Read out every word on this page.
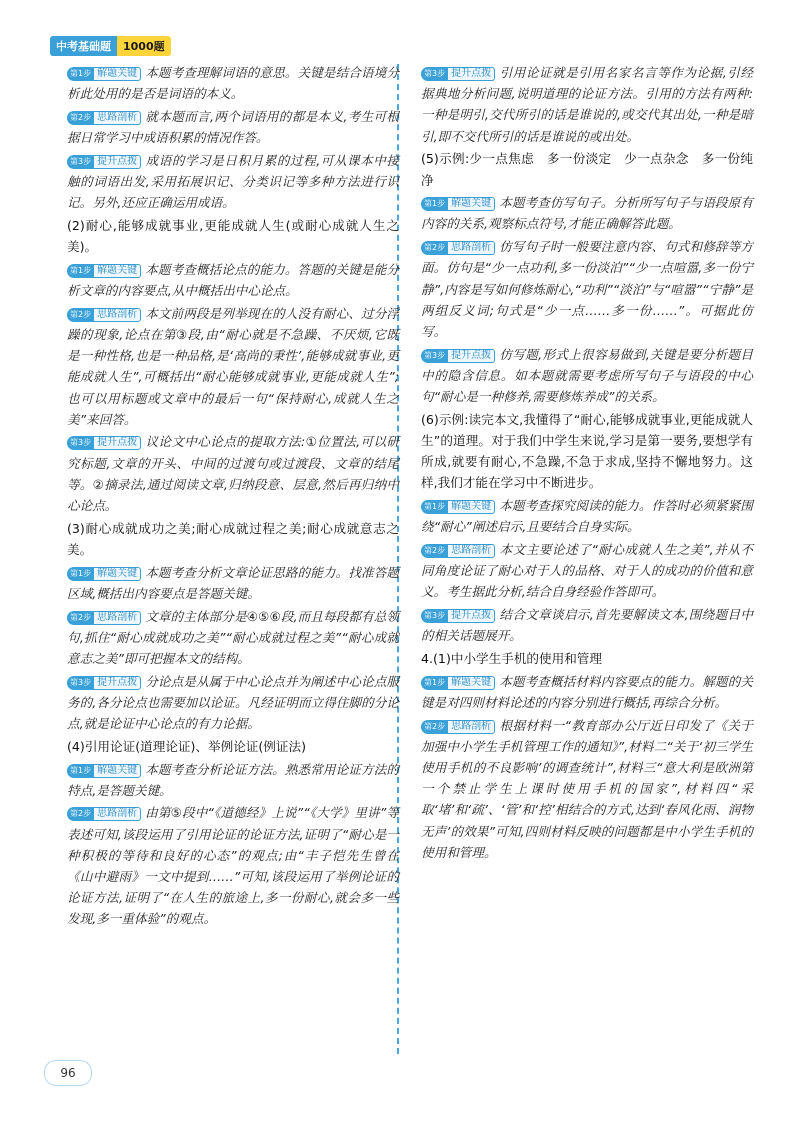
中考基础题	1000题

第1步 解题关键 本题考查理解词语的意思。关键是结合语境分析此处用的是否是词语的本义。

第2步 思路剖析 就本题而言,两个词语用的都是本义,考生可根据日常学习中成语积累的情况作答。

第3步 提升点拨 成语的学习是日积月累的过程,可从课本中接触的词语出发,采用拓展识记、分类识记等多种方法进行识记。另外,还应正确运用成语。

(2)耐心,能够成就事业,更能成就人生(或耐心成就人生之美)。

第1步 解题关键 本题考查概括论点的能力。答题的关键是能分析文章的内容要点,从中概括出中心论点。

第2步 思路剖析 本文前两段是列举现在的人没有耐心、过分浮躁的现象,论点在第③段,由“耐心就是不急躁、不厌烦,它既是一种性格,也是一种品格,是‘高尚的秉性’,能够成就事业,更能成就人生”,可概括出“耐心能够成就事业,更能成就人生”;也可以用标题或文章中的最后一句“保持耐心,成就人生之美”来回答。

第3步 提升点拨 议论文中心论点的提取方法:①位置法,可以研究标题,文章的开头、中间的过渡句或过渡段、文章的结尾等。②摘录法,通过阅读文章,归纳段意、层意,然后再归纳中心论点。

(3)耐心成就成功之美;耐心成就过程之美;耐心成就意志之美。

第1步 解题关键 本题考查分析文章论证思路的能力。找准答题区域,概括出内容要点是答题关键。

第2步 思路剖析 文章的主体部分是④⑤⑥段,而且每段都有总领句,抓住“耐心成就成功之美”“耐心成就过程之美”“耐心成就意志之美”即可把握本文的结构。

第3步 提升点拨 分论点是从属于中心论点并为阐述中心论点服务的,各分论点也需要加以论证。凡经证明而立得住脚的分论点,就是论证中心论点的有力论据。

(4)引用论证(道理论证)、举例论证(例证法)

第1步 解题关键 本题考查分析论证方法。熟悉常用论证方法的特点,是答题关键。

第2步 思路剖析 由第⑤段中“《道德经》上说”“《大学》里讲”等表述可知,该段运用了引用论证的论证方法,证明了“耐心是一种积极的等待和良好的心态”的观点;由“丰子恺先生曾在《山中避雨》一文中提到……”可知,该段运用了举例论证的论证方法,证明了“在人生的旅途上,多一份耐心,就会多一些发现,多一重体验”的观点。

第3步 提升点拨 引用论证就是引用名家名言等作为论据,引经据典地分析问题,说明道理的论证方法。引用的方法有两种:一种是明引,交代所引的话是谁说的,或交代其出处,一种是暗引,即不交代所引的话是谁说的或出处。

(5)示例:少一点焦虑　多一份淡定　少一点杂念　多一份纯净

第1步 解题关键 本题考查仿写句子。分析所写句子与语段原有内容的关系,观察标点符号,才能正确解答此题。

第2步 思路剖析 仿写句子时一般要注意内容、句式和修辞等方面。仿句是“少一点功利,多一份淡泊”“少一点喧嚣,多一份宁静”,内容是写如何修炼耐心,“功利”“淡泊”与“喧嚣”“宁静”是两组反义词;句式是“少一点……多一份……”。可据此仿写。

第3步 提升点拨 仿写题,形式上很容易做到,关键是要分析题目中的隐含信息。如本题就需要考虑所写句子与语段的中心句“耐心是一种修养,需要修炼养成”的关系。

(6)示例:读完本文,我懂得了“耐心,能够成就事业,更能成就人生”的道理。对于我们中学生来说,学习是第一要务,要想学有所成,就要有耐心,不急躁,不急于求成,坚持不懈地努力。这样,我们才能在学习中不断进步。

第1步 解题关键 本题考查探究阅读的能力。作答时必须紧紧围绕“耐心”阐述启示,且要结合自身实际。

第2步 思路剖析 本文主要论述了“耐心成就人生之美”,并从不同角度论证了耐心对于人的品格、对于人的成功的价值和意义。考生据此分析,结合自身经验作答即可。

第3步 提升点拨 结合文章谈启示,首先要解读文本,围绕题目中的相关话题展开。

4.(1)中小学生手机的使用和管理

第1步 解题关键 本题考查概括材料内容要点的能力。解题的关键是对四则材料论述的内容分别进行概括,再综合分析。

第2步 思路剖析 根据材料一“教育部办公厅近日印发了《关于加强中小学生手机管理工作的通知》”,材料二“关于‘初三学生使用手机的不良影响’的调查统计”,材料三“意大利是欧洲第一个禁止学生上课时使用手机的国家”,材料四“采取‘堵’和‘疏’、‘管’和‘控’相结合的方式,达到‘春风化雨、润物无声’的效果”可知,四则材料反映的问题都是中小学生手机的使用和管理。

96
